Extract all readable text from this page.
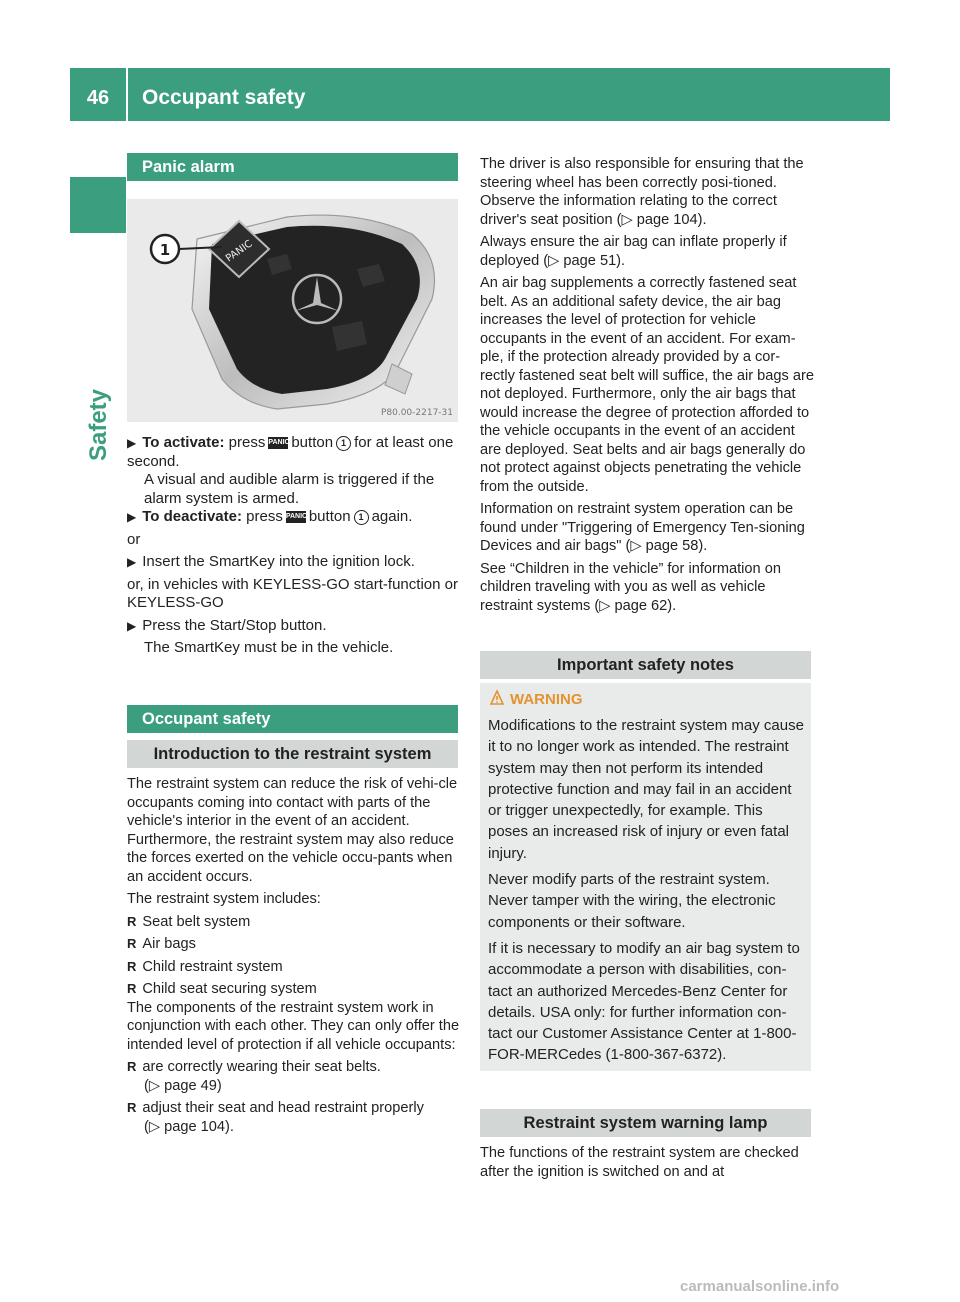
46	Occupant safety
Safety
Panic alarm
PANIC
1
P80.00-2217-31

▶ To activate: press PANIC button 1 for at least one second.

A visual and audible alarm is triggered if the alarm system is armed.

▶ To deactivate: press PANIC button 1 again.

or

▶ Insert the SmartKey into the ignition lock.

or, in vehicles with KEYLESS-GO start-function or KEYLESS-GO

▶ Press the Start/Stop button.

The SmartKey must be in the vehicle.

Occupant safety
Introduction to the restraint system

The restraint system can reduce the risk of vehi-cle occupants coming into contact with parts of the vehicle's interior in the event of an accident. Furthermore, the restraint system may also reduce the forces exerted on the vehicle occu-pants when an accident occurs.

The restraint system includes:

R Seat belt system

R Air bags

R Child restraint system

R Child seat securing system

The components of the restraint system work in conjunction with each other. They can only offer the intended level of protection if all vehicle occupants:

R are correctly wearing their seat belts.

(▷ page 49)

R adjust their seat and head restraint properly

(▷ page 104).

The driver is also responsible for ensuring that the steering wheel has been correctly posi-tioned. Observe the information relating to the correct driver's seat position (▷ page 104).

Always ensure the air bag can inflate properly if deployed (▷ page 51).

An air bag supplements a correctly fastened seat belt. As an additional safety device, the air bag increases the level of protection for vehicle occupants in the event of an accident. For exam-ple, if the protection already provided by a cor-rectly fastened seat belt will suffice, the air bags are not deployed. Furthermore, only the air bags that would increase the degree of protection afforded to the vehicle occupants in the event of an accident are deployed. Seat belts and air bags generally do not protect against objects penetrating the vehicle from the outside.

Information on restraint system operation can be found under "Triggering of Emergency Ten-sioning Devices and air bags" (▷ page 58).

See “Children in the vehicle” for information on children traveling with you as well as vehicle restraint systems (▷ page 62).

Important safety notes
WARNING

Modifications to the restraint system may cause it to no longer work as intended. The restraint system may then not perform its intended protective function and may fail in an accident or trigger unexpectedly, for example. This poses an increased risk of injury or even fatal injury.

Never modify parts of the restraint system. Never tamper with the wiring, the electronic components or their software.

If it is necessary to modify an air bag system to accommodate a person with disabilities, con-tact an authorized Mercedes-Benz Center for details. USA only: for further information con-tact our Customer Assistance Center at 1-800-FOR-MERCedes (1-800-367-6372).

Restraint system warning lamp
The functions of the restraint system are checked after the ignition is switched on and at
carmanualsonline.info
